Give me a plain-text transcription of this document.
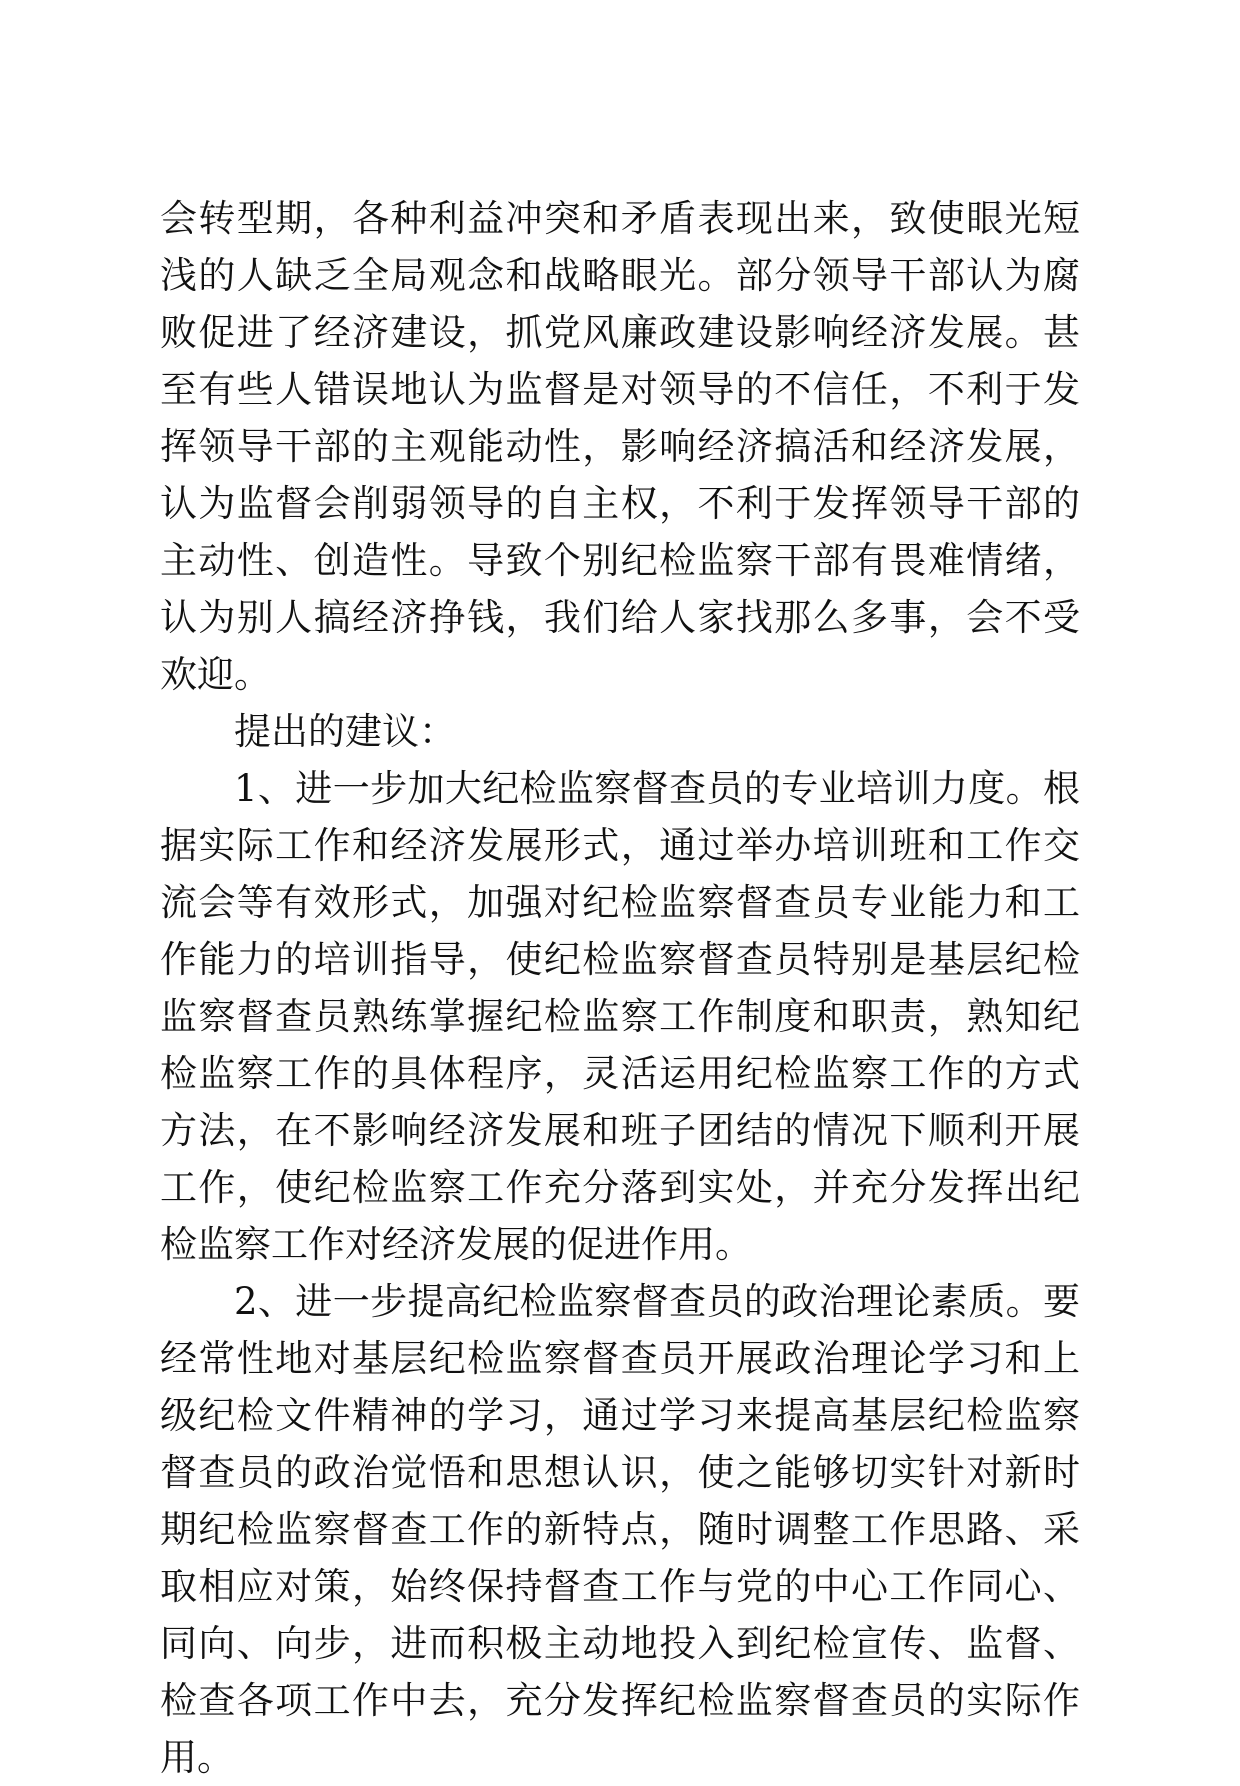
会转型期，各种利益冲突和矛盾表现出来，致使眼光短浅的人缺乏全局观念和战略眼光。部分领导干部认为腐败促进了经济建设，抓党风廉政建设影响经济发展。甚至有些人错误地认为监督是对领导的不信任，不利于发挥领导干部的主观能动性，影响经济搞活和经济发展，认为监督会削弱领导的自主权，不利于发挥领导干部的主动性、创造性。导致个别纪检监察干部有畏难情绪，认为别人搞经济挣钱，我们给人家找那么多事，会不受欢迎。

提出的建议：

1、进一步加大纪检监察督查员的专业培训力度。根据实际工作和经济发展形式，通过举办培训班和工作交流会等有效形式，加强对纪检监察督查员专业能力和工作能力的培训指导，使纪检监察督查员特别是基层纪检监察督查员熟练掌握纪检监察工作制度和职责，熟知纪检监察工作的具体程序，灵活运用纪检监察工作的方式方法，在不影响经济发展和班子团结的情况下顺利开展工作，使纪检监察工作充分落到实处，并充分发挥出纪检监察工作对经济发展的促进作用。

2、进一步提高纪检监察督查员的政治理论素质。要经常性地对基层纪检监察督查员开展政治理论学习和上级纪检文件精神的学习，通过学习来提高基层纪检监察督查员的政治觉悟和思想认识，使之能够切实针对新时期纪检监察督查工作的新特点，随时调整工作思路、采取相应对策，始终保持督查工作与党的中心工作同心、同向、向步，进而积极主动地投入到纪检宣传、监督、检查各项工作中去，充分发挥纪检监察督查员的实际作用。
